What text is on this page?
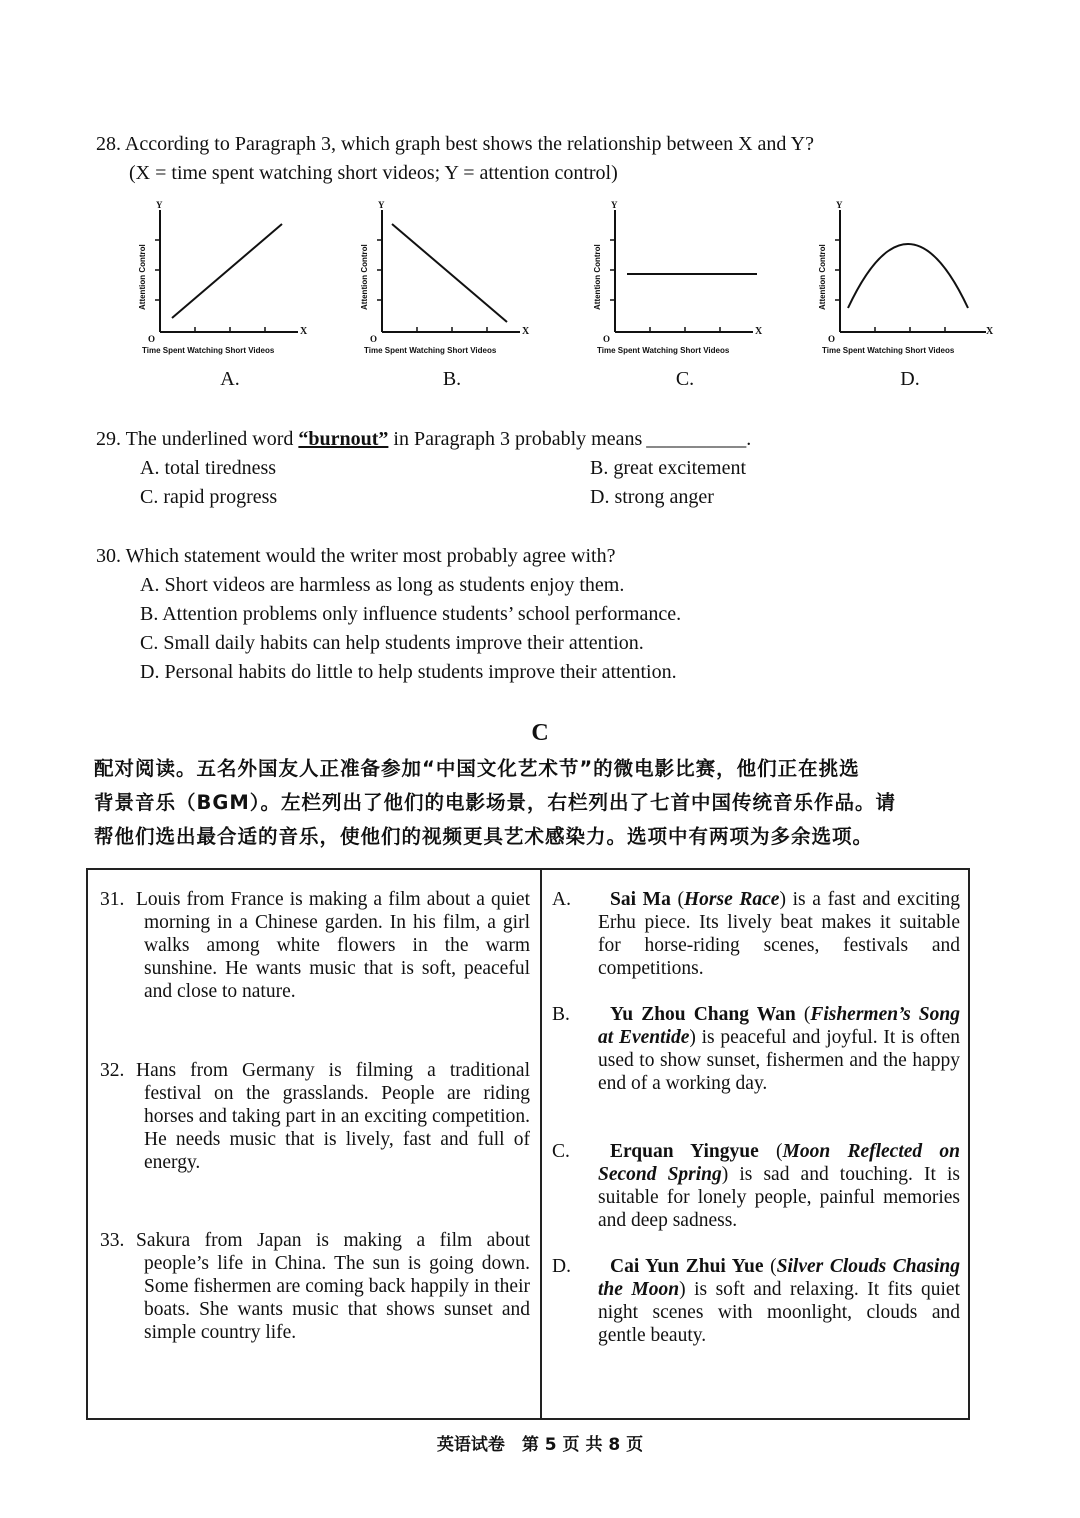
28. According to Paragraph 3, which graph best shows the relationship between X and Y?
(X = time spent watching short videos; Y = attention control)
Y
X
O
Attention Control
Time Spent Watching Short Videos
A.
Y
X
O
Attention Control
Time Spent Watching Short Videos
B.
Y
X
O
Attention Control
Time Spent Watching Short Videos
C.
Y
X
O
Attention Control
Time Spent Watching Short Videos
D.
29. The underlined word “burnout” in Paragraph 3 probably means __________.
A. total tiredness	B. great excitement
C. rapid progress	D. strong anger
30. Which statement would the writer most probably agree with?
A. Short videos are harmless as long as students enjoy them.
B. Attention problems only influence students’ school performance.
C. Small daily habits can help students improve their attention.
D. Personal habits do little to help students improve their attention.
C
配对阅读。五名外国友人正准备参加“中国文化艺术节”的微电影比赛，他们正在挑选
背景音乐（BGM）。左栏列出了他们的电影场景，右栏列出了七首中国传统音乐作品。请
帮他们选出最合适的音乐，使他们的视频更具艺术感染力。选项中有两项为多余选项。
31. Louis from France is making a film about a quiet morning in a Chinese garden. In his film, a girl walks among white flowers in the warm sunshine. He wants music that is soft, peaceful and close to nature.
32. Hans from Germany is filming a traditional festival on the grasslands. People are riding horses and taking part in an exciting competition. He needs music that is lively, fast and full of energy.
33. Sakura from Japan is making a film about people’s life in China. The sun is going down. Some fishermen are coming back happily in their boats. She wants music that shows sunset and simple country life.
A.	Sai Ma (Horse Race) is a fast and exciting Erhu piece. Its lively beat makes it suitable for horse-riding scenes, festivals and competitions.
B.	Yu Zhou Chang Wan (Fishermen’s Song at Eventide) is peaceful and joyful. It is often used to show sunset, fishermen and the happy end of a working day.
C.	Erquan Yingyue (Moon Reflected on Second Spring) is sad and touching. It is suitable for lonely people, painful memories and deep sadness.
D.	Cai Yun Zhui Yue (Silver Clouds Chasing the Moon) is soft and relaxing. It fits quiet night scenes with moonlight, clouds and gentle beauty.
英语试卷　第 5 页 共 8 页
